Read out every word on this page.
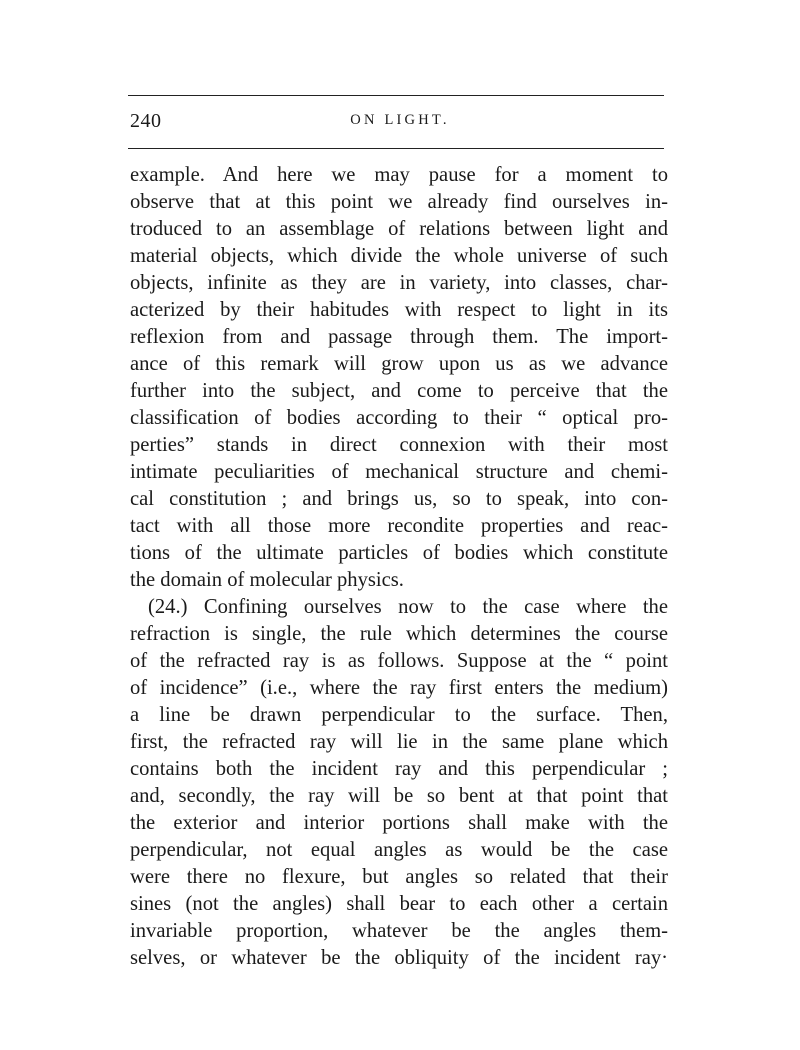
240	ON LIGHT.
example. And here we may pause for a moment to
observe that at this point we already find ourselves in-
troduced to an assemblage of relations between light and
material objects, which divide the whole universe of such
objects, infinite as they are in variety, into classes, char-
acterized by their habitudes with respect to light in its
reflexion from and passage through them. The import-
ance of this remark will grow upon us as we advance
further into the subject, and come to perceive that the
classification of bodies according to their “ optical pro-
perties” stands in direct connexion with their most
intimate peculiarities of mechanical structure and chemi-
cal constitution ; and brings us, so to speak, into con-
tact with all those more recondite properties and reac-
tions of the ultimate particles of bodies which constitute
the domain of molecular physics.
(24.) Confining ourselves now to the case where the
refraction is single, the rule which determines the course
of the refracted ray is as follows. Suppose at the “ point
of incidence” (i.e., where the ray first enters the medium)
a line be drawn perpendicular to the surface. Then,
first, the refracted ray will lie in the same plane which
contains both the incident ray and this perpendicular ;
and, secondly, the ray will be so bent at that point that
the exterior and interior portions shall make with the
perpendicular, not equal angles as would be the case
were there no flexure, but angles so related that their
sines (not the angles) shall bear to each other a certain
invariable proportion, whatever be the angles them-
selves, or whatever be the obliquity of the incident ray·
